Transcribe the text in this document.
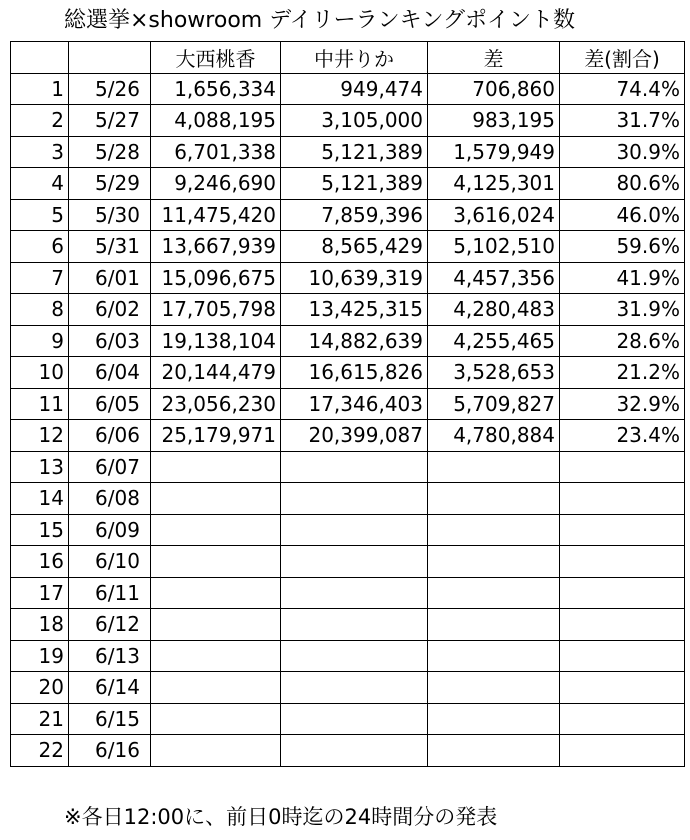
総選挙×showroom デイリーランキングポイント数
		大西桃香	中井りか	差	差(割合)
1	5/26	1,656,334	949,474	706,860	74.4%
2	5/27	4,088,195	3,105,000	983,195	31.7%
3	5/28	6,701,338	5,121,389	1,579,949	30.9%
4	5/29	9,246,690	5,121,389	4,125,301	80.6%
5	5/30	11,475,420	7,859,396	3,616,024	46.0%
6	5/31	13,667,939	8,565,429	5,102,510	59.6%
7	6/01	15,096,675	10,639,319	4,457,356	41.9%
8	6/02	17,705,798	13,425,315	4,280,483	31.9%
9	6/03	19,138,104	14,882,639	4,255,465	28.6%
10	6/04	20,144,479	16,615,826	3,528,653	21.2%
11	6/05	23,056,230	17,346,403	5,709,827	32.9%
12	6/06	25,179,971	20,399,087	4,780,884	23.4%
13	6/07				
14	6/08				
15	6/09				
16	6/10				
17	6/11				
18	6/12				
19	6/13				
20	6/14				
21	6/15				
22	6/16				
※各日12:00に、前日0時迄の24時間分の発表
